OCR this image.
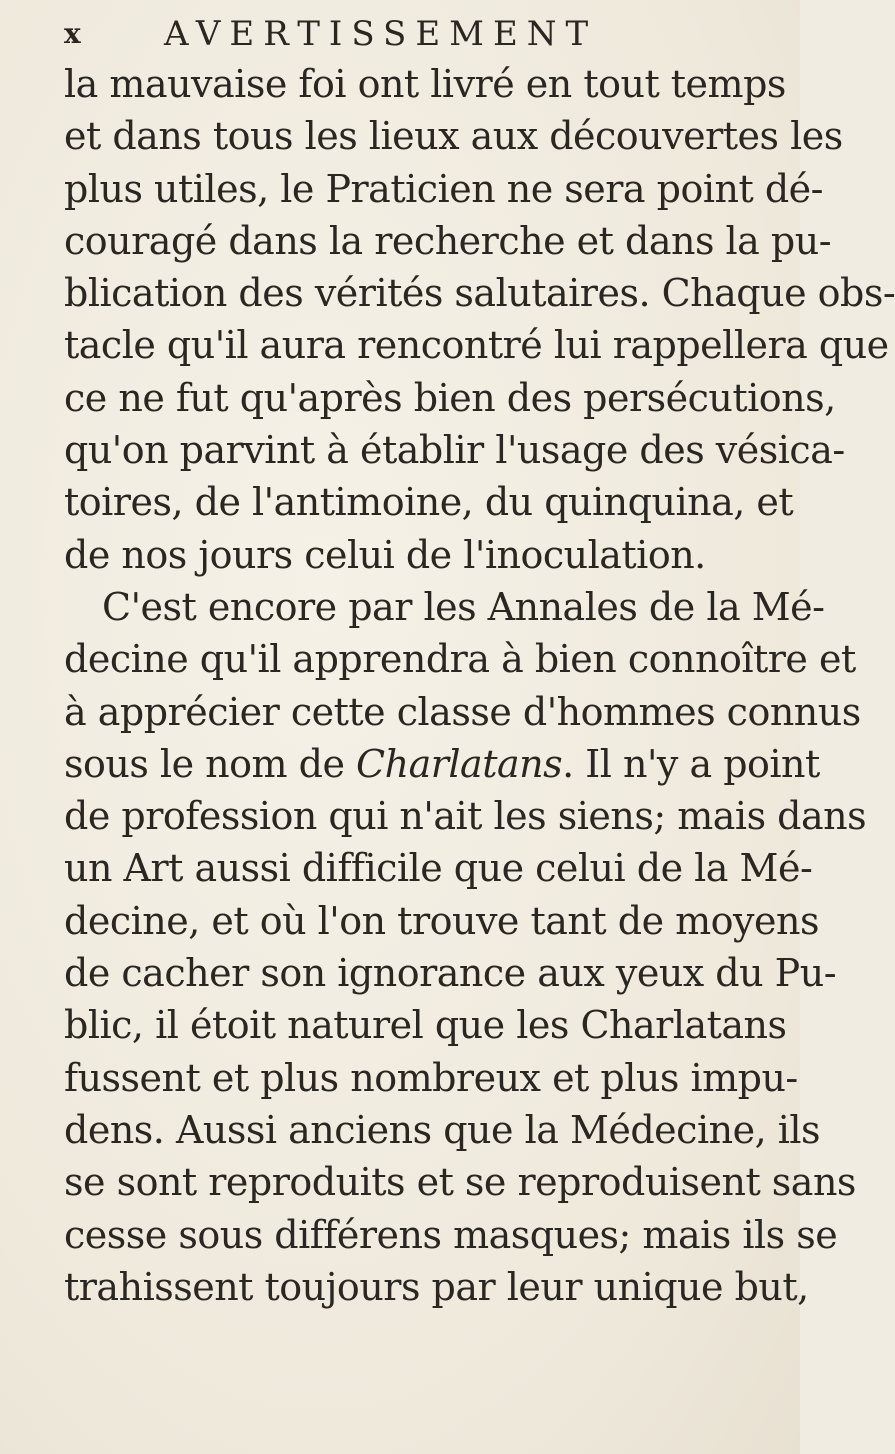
x AVERTISSEMENT
la mauvaise foi ont livré en tout temps
et dans tous les lieux aux découvertes les
plus utiles, le Praticien ne sera point dé-
couragé dans la recherche et dans la pu-
blication des vérités salutaires. Chaque obs-
tacle qu'il aura rencontré lui rappellera que
ce ne fut qu'après bien des persécutions,
qu'on parvint à établir l'usage des vésica-
toires, de l'antimoine, du quinquina, et
de nos jours celui de l'inoculation.
C'est encore par les Annales de la Mé-
decine qu'il apprendra à bien connoître et
à apprécier cette classe d'hommes connus
sous le nom de Charlatans. Il n'y a point
de profession qui n'ait les siens; mais dans
un Art aussi difficile que celui de la Mé-
decine, et où l'on trouve tant de moyens
de cacher son ignorance aux yeux du Pu-
blic, il étoit naturel que les Charlatans
fussent et plus nombreux et plus impu-
dens. Aussi anciens que la Médecine, ils
se sont reproduits et se reproduisent sans
cesse sous différens masques; mais ils se
trahissent toujours par leur unique but,
